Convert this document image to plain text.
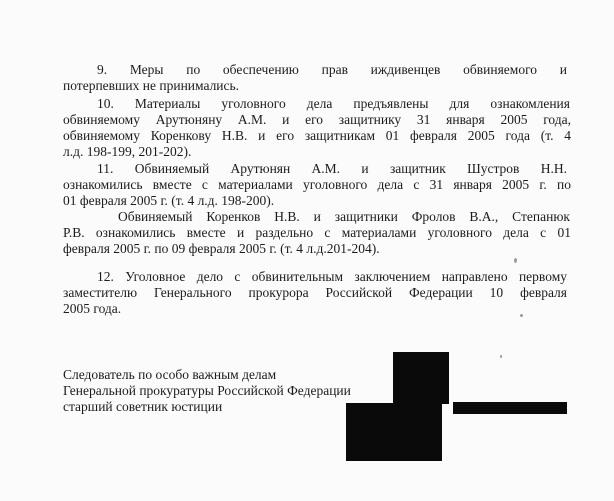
9. Меры по обеспечению прав иждивенцев обвиняемого и
потерпевших не принимались.
10. Материалы уголовного дела предъявлены для ознакомления
обвиняемому Арутюняну А.М. и его защитнику 31 января 2005 года,
обвиняемому Коренкову Н.В. и его защитникам 01 февраля 2005 года (т. 4
л.д. 198-199, 201-202).
11. Обвиняемый Арутюнян А.М. и защитник Шустров Н.Н.
ознакомились вместе с материалами уголовного дела с 31 января 2005 г. по
01 февраля 2005 г. (т. 4 л.д. 198-200).
Обвиняемый Коренков Н.В. и защитники Фролов В.А., Степанюк
Р.В. ознакомились вместе и раздельно с материалами уголовного дела с 01
февраля 2005 г. по 09 февраля 2005 г. (т. 4 л.д.201-204).
12. Уголовное дело с обвинительным заключением направлено первому
заместителю Генерального прокурора Российской Федерации 10 февраля
2005 года.
Следователь по особо важным делам
Генеральной прокуратуры Российской Федерации
старший советник юстиции
